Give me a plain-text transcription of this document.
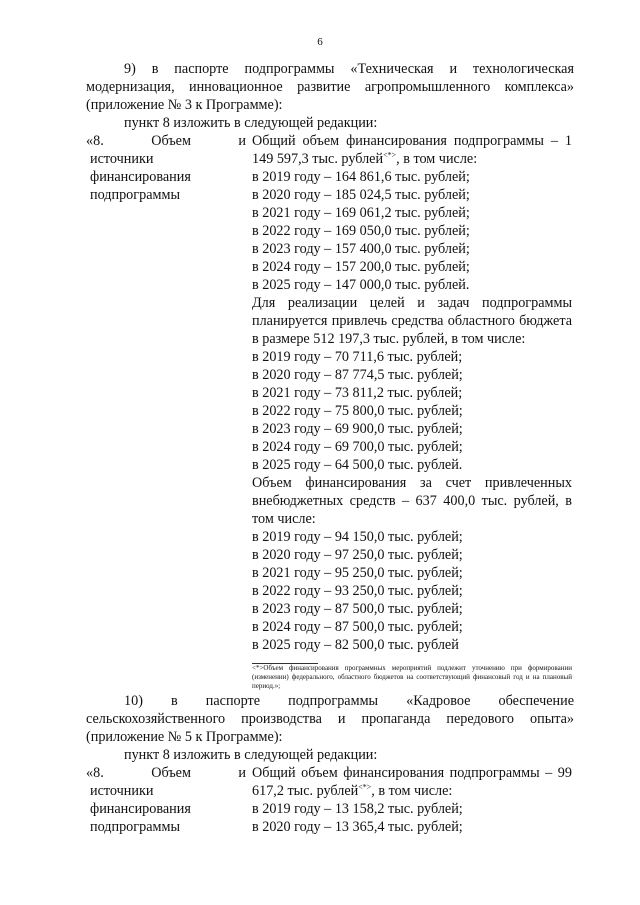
6
9) в паспорте подпрограммы «Техническая и технологическая модернизация, инновационное развитие агропромышленного комплекса» (приложение № 3 к Программе):
пункт 8 изложить в следующей редакции:
«8.	Объем	и
источники
финансирования
подпрограммы
Общий объем финансирования подпрограммы – 1 149 597,3 тыс. рублей<*>, в том числе:
в 2019 году – 164 861,6 тыс. рублей;
в 2020 году – 185 024,5 тыс. рублей;
в 2021 году – 169 061,2 тыс. рублей;
в 2022 году – 169 050,0 тыс. рублей;
в 2023 году – 157 400,0 тыс. рублей;
в 2024 году – 157 200,0 тыс. рублей;
в 2025 году – 147 000,0 тыс. рублей.
Для реализации целей и задач подпрограммы планируется привлечь средства областного бюджета в размере 512 197,3 тыс. рублей, в том числе:
в 2019 году – 70 711,6 тыс. рублей;
в 2020 году – 87 774,5 тыс. рублей;
в 2021 году – 73 811,2 тыс. рублей;
в 2022 году – 75 800,0 тыс. рублей;
в 2023 году – 69 900,0 тыс. рублей;
в 2024 году – 69 700,0 тыс. рублей;
в 2025 году – 64 500,0 тыс. рублей.
Объем финансирования за счет привлеченных внебюджетных средств – 637 400,0 тыс. рублей, в том числе:
в 2019 году – 94 150,0 тыс. рублей;
в 2020 году – 97 250,0 тыс. рублей;
в 2021 году – 95 250,0 тыс. рублей;
в 2022 году – 93 250,0 тыс. рублей;
в 2023 году – 87 500,0 тыс. рублей;
в 2024 году – 87 500,0 тыс. рублей;
в 2025 году – 82 500,0 тыс. рублей
<*>Объем финансирования программных мероприятий подлежит уточнению при формировании (изменении) федерального, областного бюджетов на соответствующий финансовый год и на плановый период.»;
10) в паспорте подпрограммы «Кадровое обеспечение сельскохозяйственного производства и пропаганда передового опыта» (приложение № 5 к Программе):
пункт 8 изложить в следующей редакции:
«8.	Объем	и
источники
финансирования
подпрограммы
Общий объем финансирования подпрограммы – 99 617,2 тыс. рублей<*>, в том числе:
в 2019 году – 13 158,2 тыс. рублей;
в 2020 году – 13 365,4 тыс. рублей;
